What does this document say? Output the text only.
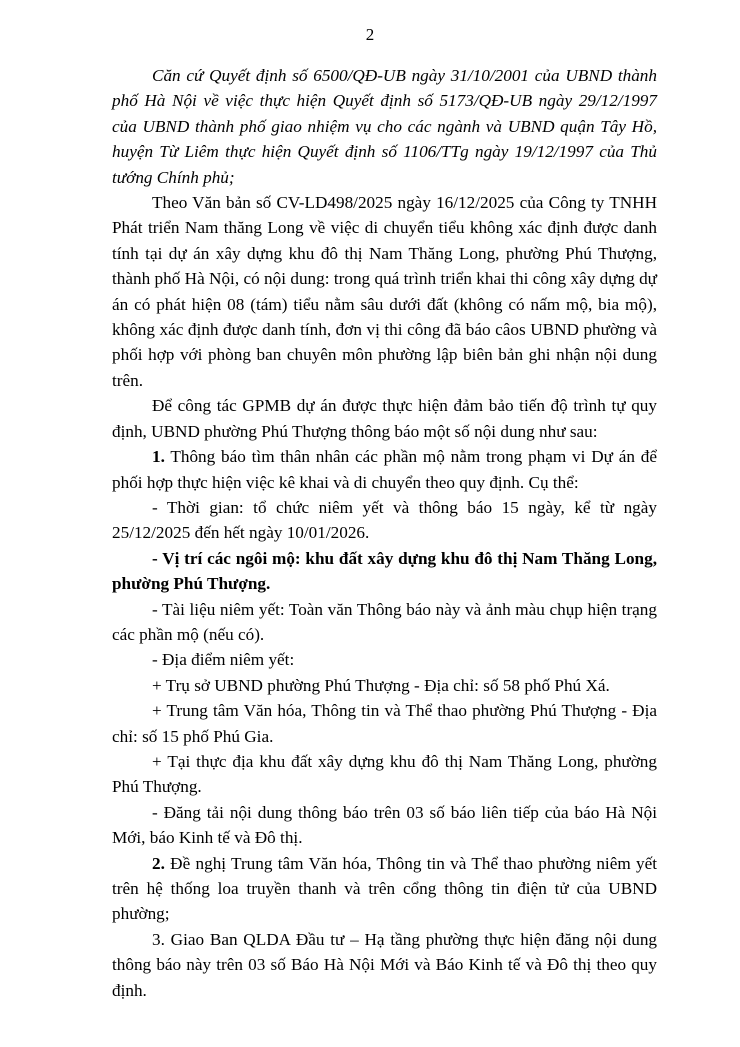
2

Căn cứ Quyết định số 6500/QĐ-UB ngày 31/10/2001 của UBND thành phố Hà Nội về việc thực hiện Quyết định số 5173/QĐ-UB ngày 29/12/1997 của UBND thành phố giao nhiệm vụ cho các ngành và UBND quận Tây Hồ, huyện Từ Liêm thực hiện Quyết định số 1106/TTg ngày 19/12/1997 của Thủ tướng Chính phủ;

Theo Văn bản số CV-LD498/2025 ngày 16/12/2025 của Công ty TNHH Phát triển Nam thăng Long về việc di chuyển tiểu không xác định được danh tính tại dự án xây dựng khu đô thị Nam Thăng Long, phường Phú Thượng, thành phố Hà Nội, có nội dung: trong quá trình triển khai thi công xây dựng dự án có phát hiện 08 (tám) tiểu nằm sâu dưới đất (không có nấm mộ, bia mộ), không xác định được danh tính, đơn vị thi công đã báo câos UBND phường và phối hợp với phòng ban chuyên môn phường lập biên bản ghi nhận nội dung trên.

Để công tác GPMB dự án được thực hiện đảm bảo tiến độ trình tự quy định, UBND phường Phú Thượng thông báo một số nội dung như sau:

1. Thông báo tìm thân nhân các phần mộ nằm trong phạm vi Dự án để phối hợp thực hiện việc kê khai và di chuyển theo quy định. Cụ thể:

- Thời gian: tổ chức niêm yết và thông báo 15 ngày, kể từ ngày 25/12/2025 đến hết ngày 10/01/2026.

- Vị trí các ngôi mộ: khu đất xây dựng khu đô thị Nam Thăng Long, phường Phú Thượng.

- Tài liệu niêm yết: Toàn văn Thông báo này và ảnh màu chụp hiện trạng các phần mộ (nếu có).

- Địa điểm niêm yết:

+ Trụ sở UBND phường Phú Thượng - Địa chỉ: số 58 phố Phú Xá.

+ Trung tâm Văn hóa, Thông tin và Thể thao phường Phú Thượng - Địa chỉ: số 15 phố Phú Gia.

+ Tại thực địa khu đất xây dựng khu đô thị Nam Thăng Long, phường Phú Thượng.

- Đăng tải nội dung thông báo trên 03 số báo liên tiếp của báo Hà Nội Mới, báo Kinh tế và Đô thị.

2. Đề nghị Trung tâm Văn hóa, Thông tin và Thể thao phường niêm yết trên hệ thống loa truyền thanh và trên cổng thông tin điện tử của UBND phường;

3. Giao Ban QLDA Đầu tư – Hạ tầng phường thực hiện đăng nội dung thông báo này trên 03 số Báo Hà Nội Mới và Báo Kinh tế và Đô thị theo quy định.
